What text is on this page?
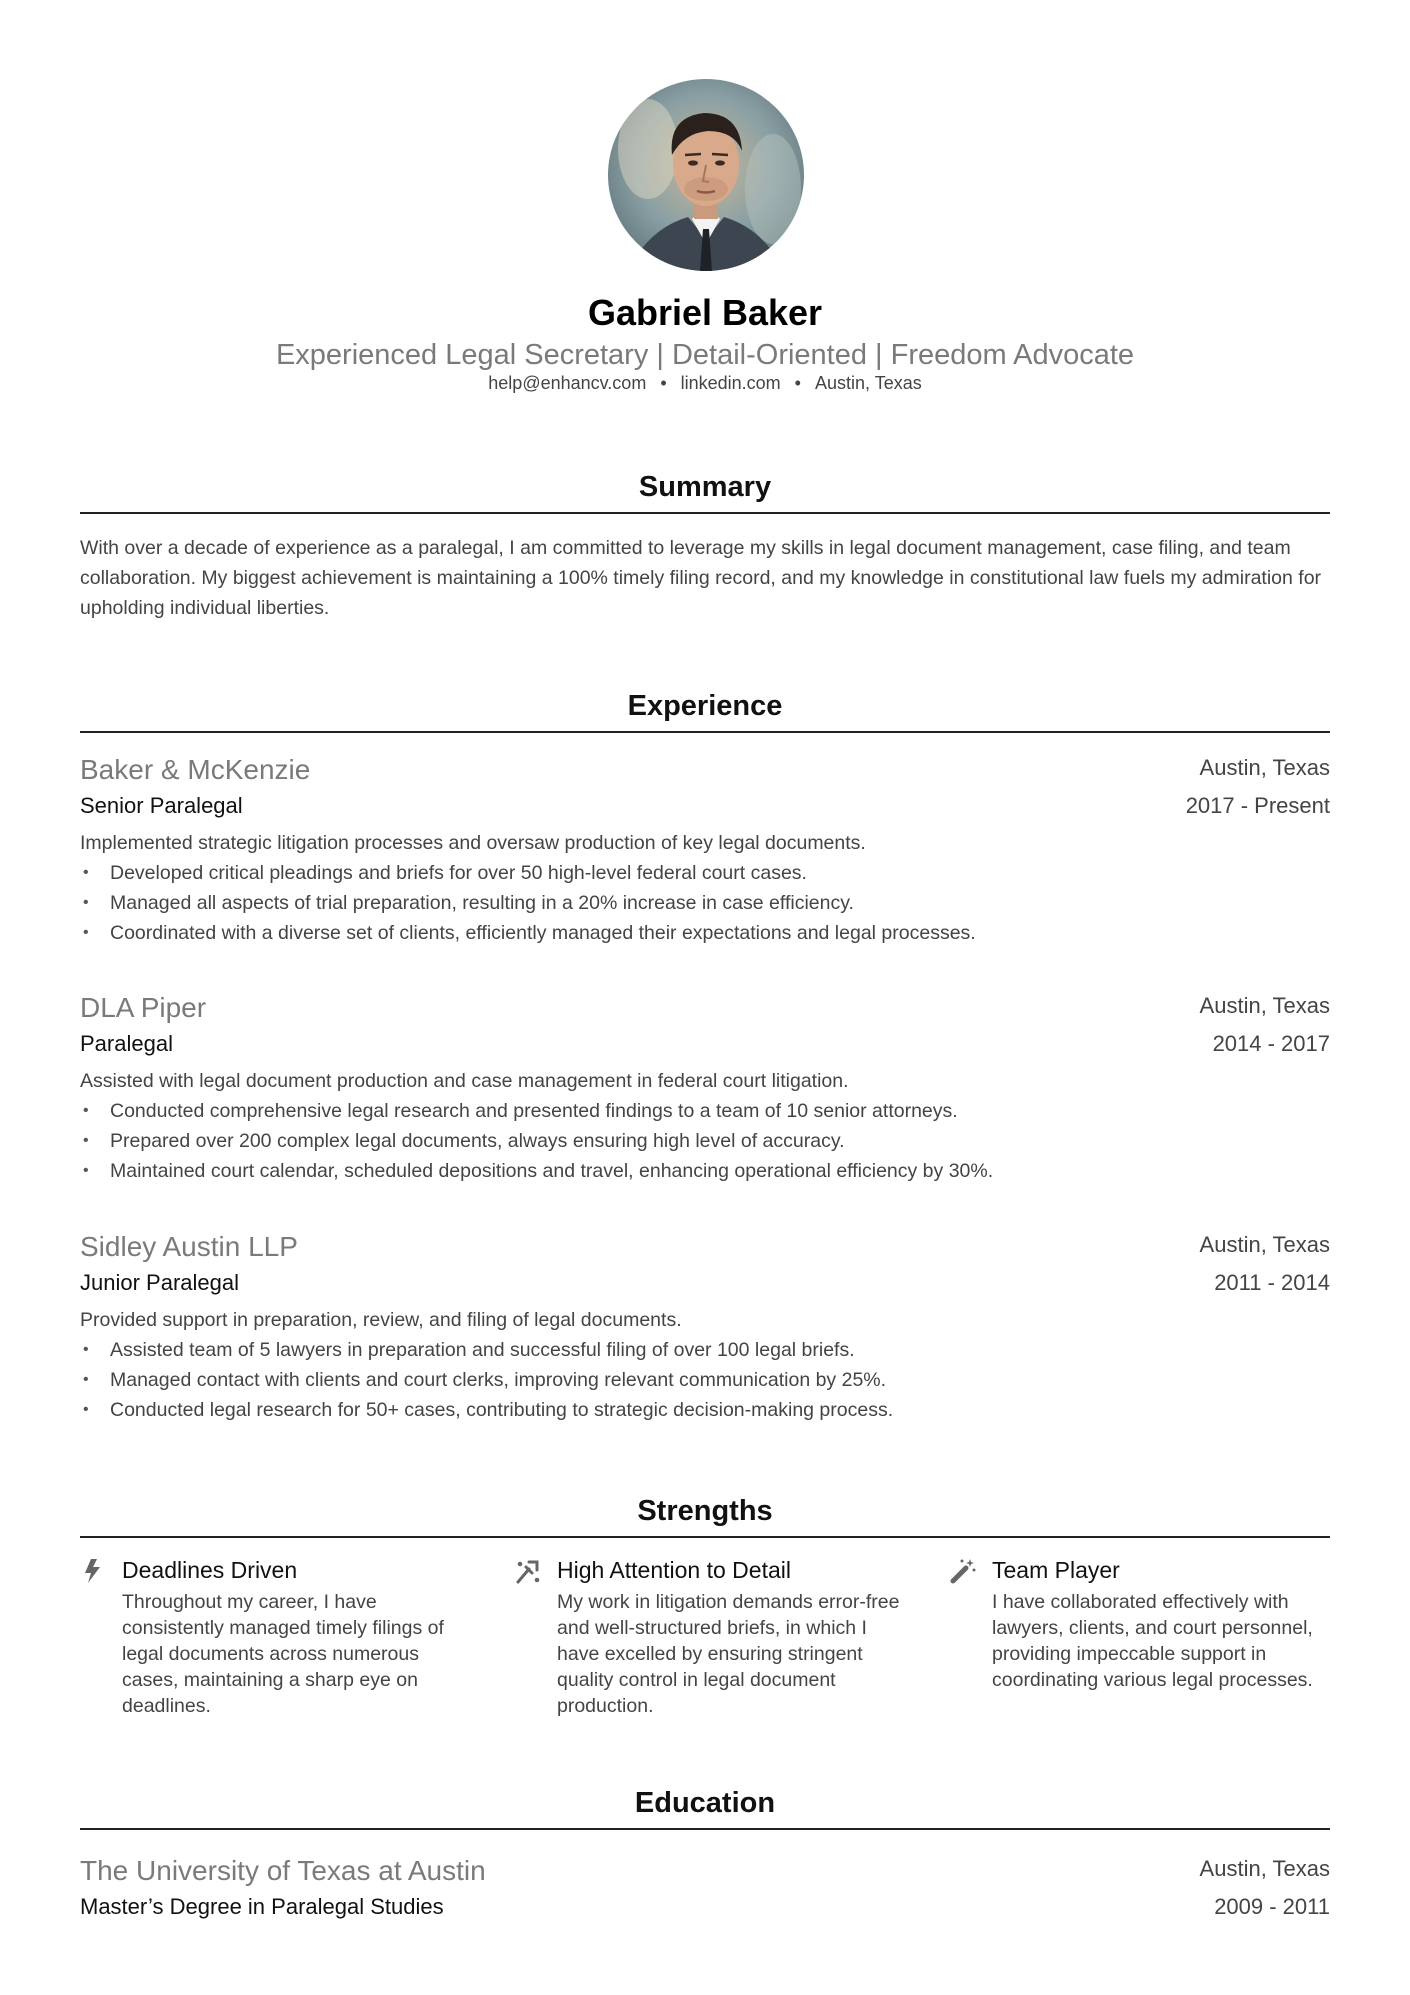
Gabriel Baker
Experienced Legal Secretary | Detail-Oriented | Freedom Advocate
help@enhancv.com • linkedin.com • Austin, Texas
Summary

With over a decade of experience as a paralegal, I am committed to leverage my skills in legal document management, case filing, and team collaboration. My biggest achievement is maintaining a 100% timely filing record, and my knowledge in constitutional law fuels my admiration for upholding individual liberties.

Experience
Baker & McKenzie	Austin, Texas
Senior Paralegal	2017 - Present
Implemented strategic litigation processes and oversaw production of key legal documents.
• Developed critical pleadings and briefs for over 50 high-level federal court cases.
• Managed all aspects of trial preparation, resulting in a 20% increase in case efficiency.
• Coordinated with a diverse set of clients, efficiently managed their expectations and legal processes.
DLA Piper	Austin, Texas
Paralegal	2014 - 2017
Assisted with legal document production and case management in federal court litigation.
• Conducted comprehensive legal research and presented findings to a team of 10 senior attorneys.
• Prepared over 200 complex legal documents, always ensuring high level of accuracy.
• Maintained court calendar, scheduled depositions and travel, enhancing operational efficiency by 30%.
Sidley Austin LLP	Austin, Texas
Junior Paralegal	2011 - 2014
Provided support in preparation, review, and filing of legal documents.
• Assisted team of 5 lawyers in preparation and successful filing of over 100 legal briefs.
• Managed contact with clients and court clerks, improving relevant communication by 25%.
• Conducted legal research for 50+ cases, contributing to strategic decision-making process.
Strengths
Deadlines Driven
Throughout my career, I have consistently managed timely filings of legal documents across numerous cases, maintaining a sharp eye on deadlines.
High Attention to Detail
My work in litigation demands error-free and well-structured briefs, in which I have excelled by ensuring stringent quality control in legal document production.
Team Player
I have collaborated effectively with lawyers, clients, and court personnel, providing impeccable support in coordinating various legal processes.
Education
The University of Texas at Austin	Austin, Texas
Master’s Degree in Paralegal Studies	2009 - 2011
